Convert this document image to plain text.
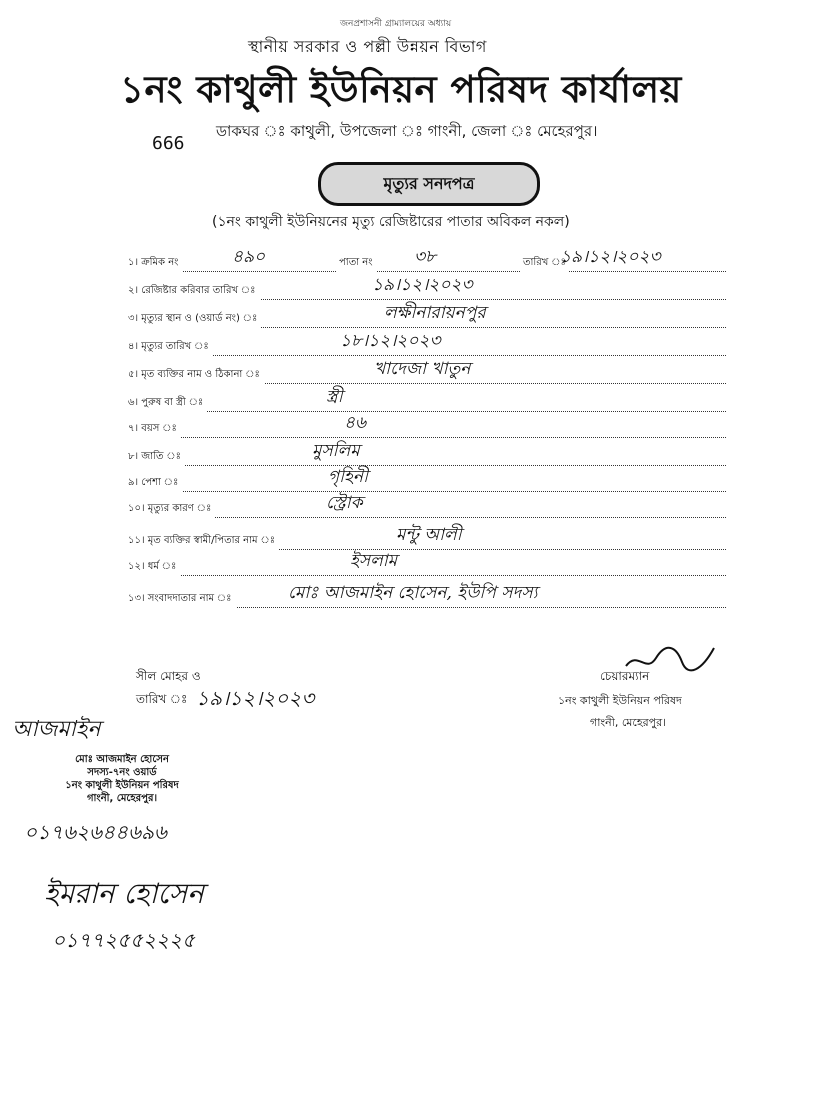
জনপ্রশাসনী গ্রাম্যালয়ের অধ্যায়
স্থানীয় সরকার ও পল্লী উন্নয়ন বিভাগ
১নং কাথুলী ইউনিয়ন পরিষদ কার্যালয়
666
ডাকঘর ঃ কাথুলী, উপজেলা ঃ গাংনী, জেলা ঃ মেহেরপুর।
মৃত্যুর সনদপত্র
(১নং কাথুলী ইউনিয়নের মৃত্যু রেজিষ্টারের পাতার অবিকল নকল)
১। ক্রমিক নং	৪৯০	পাতা নং ৩৮	তারিখ ঃ
১৯।১২।২০২৩
২। রেজিষ্টার করিবার তারিখ ঃ	১৯।১২।২০২৩
৩। মৃত্যুর স্থান ও (ওয়ার্ড নং) ঃ	লক্ষীনারায়নপুর
৪। মৃত্যুর তারিখ ঃ	১৮।১২।২০২৩
৫। মৃত ব্যক্তির নাম ও ঠিকানা ঃ	খাদেজা খাতুন
৬। পুরুষ বা স্ত্রী ঃ	স্ত্রী
৭। বয়স ঃ	৪৬
৮। জাতি ঃ	মুসলিম
৯। পেশা ঃ	গৃহিনী
১০। মৃত্যুর কারণ ঃ	স্ট্রোক
১১। মৃত ব্যক্তির স্বামী/পিতার নাম ঃ	মন্টু আলী
১২। ধর্ম ঃ	ইসলাম
১৩। সংবাদদাতার নাম ঃ	মোঃ আজমাইন হোসেন, ইউপি সদস্য
সীল মোহর ও
তারিখ ঃ ১৯।১২।২০২৩
চেয়ারম্যান
১নং কাথুলী ইউনিয়ন পরিষদ
গাংনী, মেহেরপুর।
আজমাইন
মোঃ আজমাইন হোসেন
সদস্য-৭নং ওয়ার্ড
১নং কাথুলী ইউনিয়ন পরিষদ
গাংনী, মেহেরপুর।
০১৭৬২৬৪৪৬৯৬
ইমরান হোসেন
০১৭৭২৫৫২২২৫
